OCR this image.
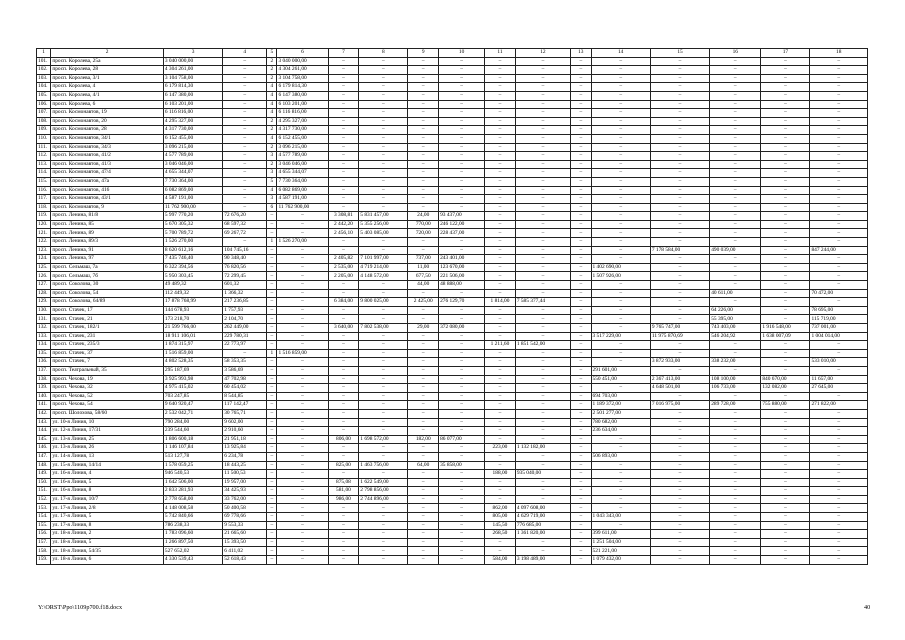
1	2	3	4	5	6	7	8	9	10	11	12	13	14	15	16	17	18
101.	просп. Королева, 25а	3 040 000,00	–	2	3 040 000,00	–	–	–	–	–	–	–	–	–	–	–	–
102.	просп. Королева, 28	4 304 261,00	–	2	4 304 261,00	–	–	–	–	–	–	–	–	–	–	–	–
103.	просп. Королева, 3/1	3 104 758,00	–	2	3 104 758,00	–	–	–	–	–	–	–	–	–	–	–	–
104.	просп. Королева, 4	6 179 814,30	–	4	6 179 814,30	–	–	–	–	–	–	–	–	–	–	–	–
105.	просп. Королева, 4/1	6 147 380,00	–	4	6 147 380,00	–	–	–	–	–	–	–	–	–	–	–	–
106.	просп. Королева, 6	6 103 201,00	–	4	6 103 201,00	–	–	–	–	–	–	–	–	–	–	–	–
107.	просп. Космонавтов, 19	6 116 816,00	–	4	6 116 816,00	–	–	–	–	–	–	–	–	–	–	–	–
108.	просп. Космонавтов, 20	4 295 327,00	–	2	4 295 327,00	–	–	–	–	–	–	–	–	–	–	–	–
109.	просп. Космонавтов, 28	4 317 730,00	–	2	4 317 730,00	–	–	–	–	–	–	–	–	–	–	–	–
110.	просп. Космонавтов, 34/1	6 152 455,00	–	4	6 152 455,00	–	–	–	–	–	–	–	–	–	–	–	–
111.	просп. Космонавтов, 34/3	3 096 215,00	–	2	3 096 215,00	–	–	–	–	–	–	–	–	–	–	–	–
112.	просп. Космонавтов, 41/2	4 577 789,00	–	3	4 577 789,00	–	–	–	–	–	–	–	–	–	–	–	–
113.	просп. Космонавтов, 41/3	3 046 046,00	–	2	3 046 046,00	–	–	–	–	–	–	–	–	–	–	–	–
114.	просп. Космонавтов, 47/4	4 655 344,07	–	3	4 655 344,07	–	–	–	–	–	–	–	–	–	–	–	–
115.	просп. Космонавтов, 47а	7 730 364,00	–	5	7 730 364,00	–	–	–	–	–	–	–	–	–	–	–	–
116.	просп. Космонавтов, 416	6 082 869,00	–	4	6 082 869,00	–	–	–	–	–	–	–	–	–	–	–	–
117.	просп. Космонавтов, 43/1	4 587 191,00	–	3	4 587 191,00	–	–	–	–	–	–	–	–	–	–	–	–
118.	просп. Космонавтов, 9	11 762 900,00	–	6	11 762 900,00	–	–	–	–	–	–	–	–	–	–	–	–
119.	просп. Ленина, 81/8	5 997 770,20	72 676,20	–	–	3 308,81	5 831 457,00	24,00	93 437,00	–	–	–	–	–	–	–	–
120.	просп. Ленина, 85	5 670 305,32	68 597,32	–	–	2 442,20	5 355 256,00	770,00	246 122,00	–	–	–	–	–	–	–	–
121.	просп. Ленина, 89	5 700 789,72	69 267,72	–	–	2 456,10	5 403 085,00	720,00	228 437,00	–	–	–	–	–	–	–	–
122.	просп. Ленина, 89/3	1 526 270,00	–	1	1 526 270,00	–	–	–	–	–	–	–	–	–	–	–	–
123.	просп. Ленина, 91	8 620 612,16	104 745,16	–	–	–	–	–	–	–	–	–	–	7 178 584,00	490 039,00	–	847 244,00
124.	просп. Ленина, 97	7 435 746,40	90 348,40	–	–	2 405,82	7 101 997,00	737,00	243 401,00	–	–	–	–	–	–	–	–
125.	просп. Сельмаш, 7а	6 322 394,56	76 820,56	–	–	2 535,00	4 719 214,00	11,00	123 670,00	–	–	–	1 402 690,00	–	–	–	–
126.	просп. Сельмаш, 7б	5 950 303,45	72 299,45	–	–	2 205,00	4 148 572,00	677,50	221 506,00	–	–	–	1 507 926,00	–	–	–	–
127.	просп. Соколова, 30	49 489,32	601,32	–	–	–	–	44,00	48 888,00	–	–	–	–	–	–	–	–
128.	просп. Соколова, 54	112 449,32	1 366,32	–	–	–	–	–	–	–	–	–	–	–	40 611,00	–	70 472,00
129.	просп. Соколова, 64/89	17 878 768,99	217 236,85	–	–	6 384,00	9 800 025,00	2 425,00	276 129,70	1 814,00	7 585 377,44	–	–	–	–	–	–
130.	просп. Стачек, 17	144 678,93	1 757,93	–	–	–	–	–	–	–	–	–	–	–	64 226,00	–	78 695,00
131.	просп. Стачек, 21	173 218,70	2 104,70	–	–	–	–	–	–	–	–	–	–	–	55 395,00	–	115 719,00
132.	просп. Стачек, 182/1	21 599 766,00	262 449,00	–	–	3 640,00	7 802 538,00	29,00	372 080,00	–	–	–	–	9 765 747,00	743 403,00	1 916 548,00	737 001,00
133.	просп. Стачек, 231	18 911 106,01	229 780,31	–	–	–	–	–	–	–	–	–	3 517 229,00	11 975 870,69	546 204,92	1 638 007,09	1 004 014,00
134.	просп. Стачек, 235/3	1 874 315,97	22 773,97	–	–	–	–	–	–	1 211,60	1 851 542,00	–	–	–	–	–	–
135.	просп. Стачек, 37	1 516 859,00	–	1	1 516 859,00	–	–	–	–	–	–	–	–	–	–	–	–
136.	просп. Стачек, 7	4 802 528,35	58 353,35	–	–	–	–	–	–	–	–	–	–	3 872 933,00	338 232,00	–	533 010,00
137.	просп. Театральный, 35	295 187,69	3 586,69	–	–	–	–	–	–	–	–	–	291 601,00	–	–	–	–
138.	просп. Чехова, 19	3 925 993,98	47 702,98	–	–	–	–	–	–	–	–	–	550 451,00	2 367 413,00	108 100,00	840 670,00	11 657,00
139.	просп. Чехова, 32	4 975 415,02	60 454,02	–	–	–	–	–	–	–	–	–	–	4 648 501,00	106 733,00	132 082,00	27 645,00
140.	просп. Чехова, 52	703 247,85	8 544,85	–	–	–	–	–	–	–	–	–	694 703,00	–	–	–	–
141.	просп. Чехова, 54	9 640 920,47	117 142,47	–	–	–	–	–	–	–	–	–	1 189 372,00	7 016 975,00	289 728,00	755 880,00	271 822,00
142.	просп. Шолохова, 58/60	2 532 042,71	30 765,71	–	–	–	–	–	–	–	–	–	2 501 277,00	–	–	–	–
143.	ул. 10-я Линия, 10	790 284,00	9 602,00	–	–	–	–	–	–	–	–	–	780 682,00	–	–	–	–
144.	ул. 12-я Линия, 17/31	239 544,60	2 910,60	–	–	–	–	–	–	–	–	–	236 634,00	–	–	–	–
145.	ул. 13-я Линия, 25	1 806 600,18	21 951,18	–	–	806,00	1 698 572,00	182,00	86 077,00	–	–	–	–	–	–	–	–
146.	ул. 13-я Линия, 26	1 146 107,84	13 925,84	–	–	–	–	–	–	223,00	1 132 182,00	–	–	–	–	–	–
147.	ул. 14-я Линия, 13	513 127,78	6 234,78	–	–	–	–	–	–	–	–	–	506 893,00	–	–	–	–
148.	ул. 15-я Линия, 14/14	1 578 059,25	18 443,25	–	–	825,00	1 463 756,00	64,00	35 858,00	–	–	–	–	–	–	–	–
149.	ул. 16-я Линия, 4	946 540,53	11 500,53	–	–	–	–	–	–	188,00	935 040,00	–	–	–	–	–	–
150.	ул. 16-я Линия, 5	1 642 506,00	19 957,00	–	–	875,08	1 622 549,00	–	–	–	–	–	–	–	–	–	–
151.	ул. 16-я Линия, 8	2 833 281,93	34 425,93	–	–	581,00	2 798 856,00	–	–	–	–	–	–	–	–	–	–
152.	ул. 17-я Линия, 10/7	2 778 658,00	33 762,00	–	–	986,00	2 744 896,00	–	–	–	–	–	–	–	–	–	–
153.	ул. 17-я Линия, 2/8	4 148 008,58	50 400,58	–	–	–	–	–	–	862,00	4 097 608,00	–	–	–	–	–	–
154.	ул. 17-я Линия, 5	5 742 840,66	69 778,66	–	–	–	–	–	–	805,00	4 629 719,00	–	1 043 343,00	–	–	–	–
155.	ул. 17-я Линия, 8	786 238,33	9 553,33	–	–	–	–	–	–	145,50	776 685,00	–	–	–	–	–	–
156.	ул. 18-я Линия, 2	1 783 096,60	21 665,60	–	–	–	–	–	–	268,50	1 361 820,00	–	399 611,00	–	–	–	–
157.	ул. 18-я Линия, 5	1 266 897,50	15 393,50	–	–	–	–	–	–	–	–	–	1 251 504,00	–	–	–	–
158.	ул. 18-я Линия, 54/35	527 652,02	6 411,02	–	–	–	–	–	–	–	–	–	521 221,00	–	–	–	–
159.	ул. 18-я Линия, 6	4 330 539,43	52 618,43	–	–	–	–	–	–	584,00	3 198 489,00	–	1 079 432,00	–	–	–	–
Y:\ORST\Ppo\1109p700.f18.docx	40
